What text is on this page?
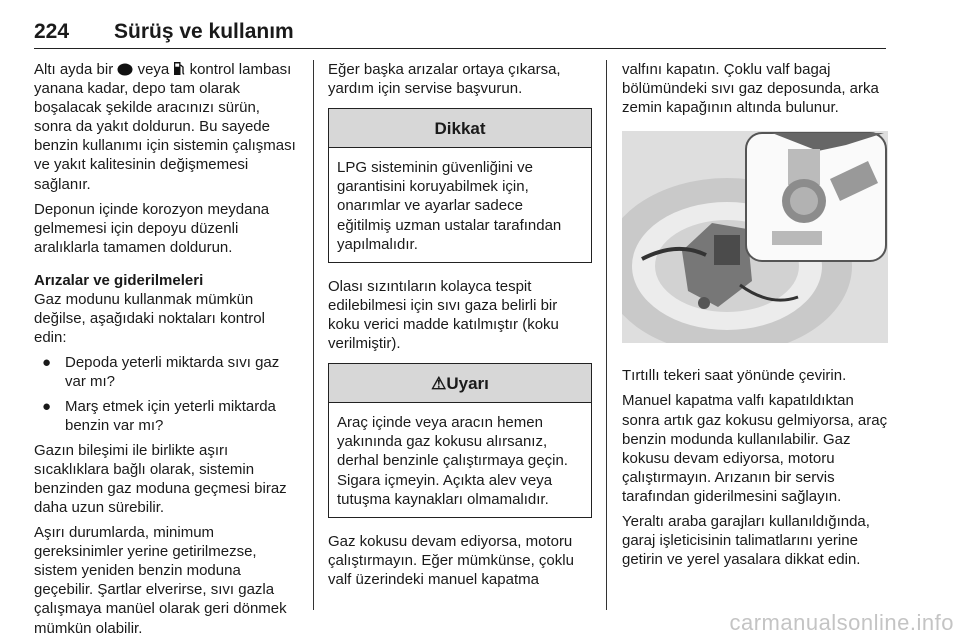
224 Sürüş ve kullanım

Altı ayda bir veya kontrol lambası yanana kadar, depo tam olarak boşalacak şekilde aracınızı sürün, sonra da yakıt doldurun. Bu sayede benzin kullanımı için sistemin çalışması ve yakıt kalitesinin değişmemesi sağlanır.

Deponun içinde korozyon meydana gelmemesi için depoyu düzenli aralıklarla tamamen doldurun.

Arızalar ve giderilmeleri

Gaz modunu kullanmak mümkün değilse, aşağıdaki noktaları kontrol edin:

● Depoda yeterli miktarda sıvı gaz var mı?
● Marş etmek için yeterli miktarda benzin var mı?

Gazın bileşimi ile birlikte aşırı sıcaklıklara bağlı olarak, sistemin benzinden gaz moduna geçmesi biraz daha uzun sürebilir.

Aşırı durumlarda, minimum gereksinimler yerine getirilmezse, sistem yeniden benzin moduna geçebilir. Şartlar elverirse, sıvı gazla çalışmaya manüel olarak geri dönmek mümkün olabilir.

Eğer başka arızalar ortaya çıkarsa, yardım için servise başvurun.

Dikkat

LPG sisteminin güvenliğini ve garantisini koruyabilmek için, onarımlar ve ayarlar sadece eğitilmiş uzman ustalar tarafından yapılmalıdır.

Olası sızıntıların kolayca tespit edilebilmesi için sıvı gaza belirli bir koku verici madde katılmıştır (koku verilmiştir).

⚠Uyarı

Araç içinde veya aracın hemen yakınında gaz kokusu alırsanız, derhal benzinle çalıştırmaya geçin. Sigara içmeyin. Açıkta alev veya tutuşma kaynakları olmamalıdır.

Gaz kokusu devam ediyorsa, motoru çalıştırmayın. Eğer mümkünse, çoklu valf üzerindeki manuel kapatma

valfını kapatın. Çoklu valf bagaj bölümündeki sıvı gaz deposunda, arka zemin kapağının altında bulunur.

Tırtıllı tekeri saat yönünde çevirin.

Manuel kapatma valfı kapatıldıktan sonra artık gaz kokusu gelmiyorsa, araç benzin modunda kullanılabilir. Gaz kokusu devam ediyorsa, motoru çalıştırmayın. Arızanın bir servis tarafından giderilmesini sağlayın.

Yeraltı araba garajları kullanıldığında, garaj işleticisinin talimatlarını yerine getirin ve yerel yasalara dikkat edin.

carmanualsonline.info
